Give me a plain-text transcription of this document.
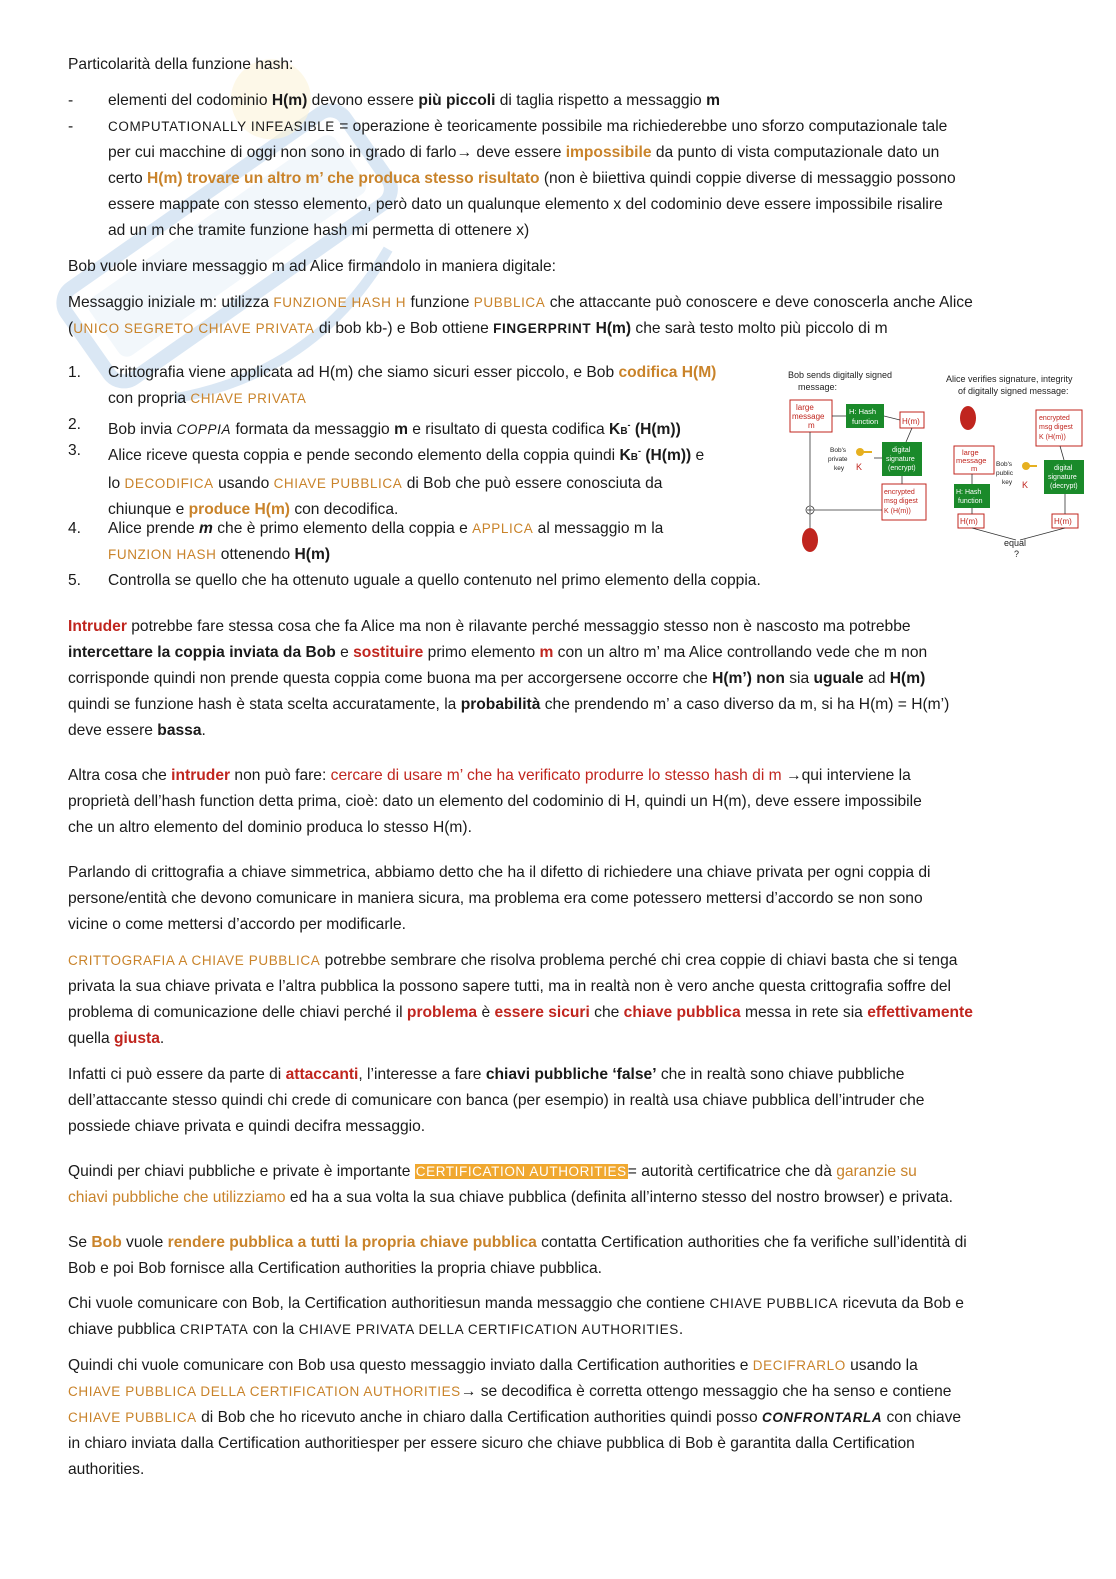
Particolarità della funzione hash:
-	elementi del codominio H(m) devono essere più piccoli di taglia rispetto a messaggio m
-	COMPUTATIONALLY INFEASIBLE = operazione è teoricamente possibile ma richiederebbe uno sforzo computazionale tale
per cui macchine di oggi non sono in grado di farlo→ deve essere impossibile da punto di vista computazionale dato un
certo H(m) trovare un altro m’ che produca stesso risultato (non è biiettiva quindi coppie diverse di messaggio possono
essere mappate con stesso elemento, però dato un qualunque elemento x del codominio deve essere impossibile risalire
ad un m che tramite funzione hash mi permetta di ottenere x)
Bob vuole inviare messaggio m ad Alice firmandolo in maniera digitale:
Messaggio iniziale m: utilizza FUNZIONE HASH H funzione PUBBLICA che attaccante può conoscere e deve conoscerla anche Alice
(UNICO SEGRETO CHIAVE PRIVATA di bob kb-) e Bob ottiene FINGERPRINT H(m) che sarà testo molto più piccolo di m
1.	Crittografia viene applicata ad H(m) che siamo sicuri esser piccolo, e Bob codifica H(M)
con propria CHIAVE PRIVATA
2.	Bob invia COPPIA formata da messaggio m e risultato di questa codifica KB- (H(m))
3.	Alice riceve questa coppia e pende secondo elemento della coppia quindi KB- (H(m)) e
lo DECODIFICA usando CHIAVE PUBBLICA di Bob che può essere conosciuta da
chiunque e produce H(m) con decodifica.
4.	Alice prende m che è primo elemento della coppia e APPLICA al messaggio m la
FUNZION HASH ottenendo H(m)
5.	Controlla se quello che ha ottenuto uguale a quello contenuto nel primo elemento della coppia.
Bob sends digitally signed
message:
large
message
m
H: Hash
function	H(m)
Bob's
private
key K
digital
signature
(encrypt)
encrypted
msg digest
K (H(m))
Alice verifies signature, integrity
of digitally signed message:
encrypted
msg digest
K (H(m))
large
message
m	Bob's
public
key K
digital
signature
(decrypt)
H: Hash
function
H(m)	H(m)
equal
?
Intruder potrebbe fare stessa cosa che fa Alice ma non è rilavante perché messaggio stesso non è nascosto ma potrebbe
intercettare la coppia inviata da Bob e sostituire primo elemento m con un altro m’ ma Alice controllando vede che m non
corrisponde quindi non prende questa coppia come buona ma per accorgersene occorre che H(m’) non sia uguale ad H(m)
quindi se funzione hash è stata scelta accuratamente, la probabilità che prendendo m’ a caso diverso da m, si ha H(m) = H(m’)
deve essere bassa.
Altra cosa che intruder non può fare: cercare di usare m’ che ha verificato produrre lo stesso hash di m →qui interviene la
proprietà dell’hash function detta prima, cioè: dato un elemento del codominio di H, quindi un H(m), deve essere impossibile
che un altro elemento del dominio produca lo stesso H(m).
Parlando di crittografia a chiave simmetrica, abbiamo detto che ha il difetto di richiedere una chiave privata per ogni coppia di
persone/entità che devono comunicare in maniera sicura, ma problema era come potessero mettersi d’accordo se non sono
vicine o come mettersi d’accordo per modificarle.
CRITTOGRAFIA A CHIAVE PUBBLICA potrebbe sembrare che risolva problema perché chi crea coppie di chiavi basta che si tenga
privata la sua chiave privata e l’altra pubblica la possono sapere tutti, ma in realtà non è vero anche questa crittografia soffre del
problema di comunicazione delle chiavi perché il problema è essere sicuri che chiave pubblica messa in rete sia effettivamente
quella giusta.
Infatti ci può essere da parte di attaccanti, l’interesse a fare chiavi pubbliche ‘false’ che in realtà sono chiave pubbliche
dell’attaccante stesso quindi chi crede di comunicare con banca (per esempio) in realtà usa chiave pubblica dell’intruder che
possiede chiave privata e quindi decifra messaggio.
Quindi per chiavi pubbliche e private è importante CERTIFICATION AUTHORITIES= autorità certificatrice che dà garanzie su
chiavi pubbliche che utilizziamo ed ha a sua volta la sua chiave pubblica (definita all’interno stesso del nostro browser) e privata.
Se Bob vuole rendere pubblica a tutti la propria chiave pubblica contatta Certification authorities che fa verifiche sull’identità di
Bob e poi Bob fornisce alla Certification authorities la propria chiave pubblica.
Chi vuole comunicare con Bob, la Certification authoritiesun manda messaggio che contiene CHIAVE PUBBLICA ricevuta da Bob e
chiave pubblica CRIPTATA con la CHIAVE PRIVATA DELLA CERTIFICATION AUTHORITIES.
Quindi chi vuole comunicare con Bob usa questo messaggio inviato dalla Certification authorities e DECIFRARLO usando la
CHIAVE PUBBLICA DELLA CERTIFICATION AUTHORITIES→ se decodifica è corretta ottengo messaggio che ha senso e contiene
CHIAVE PUBBLICA di Bob che ho ricevuto anche in chiaro dalla Certification authorities quindi posso CONFRONTARLA con chiave
in chiaro inviata dalla Certification authoritiesper per essere sicuro che chiave pubblica di Bob è garantita dalla Certification
authorities.
